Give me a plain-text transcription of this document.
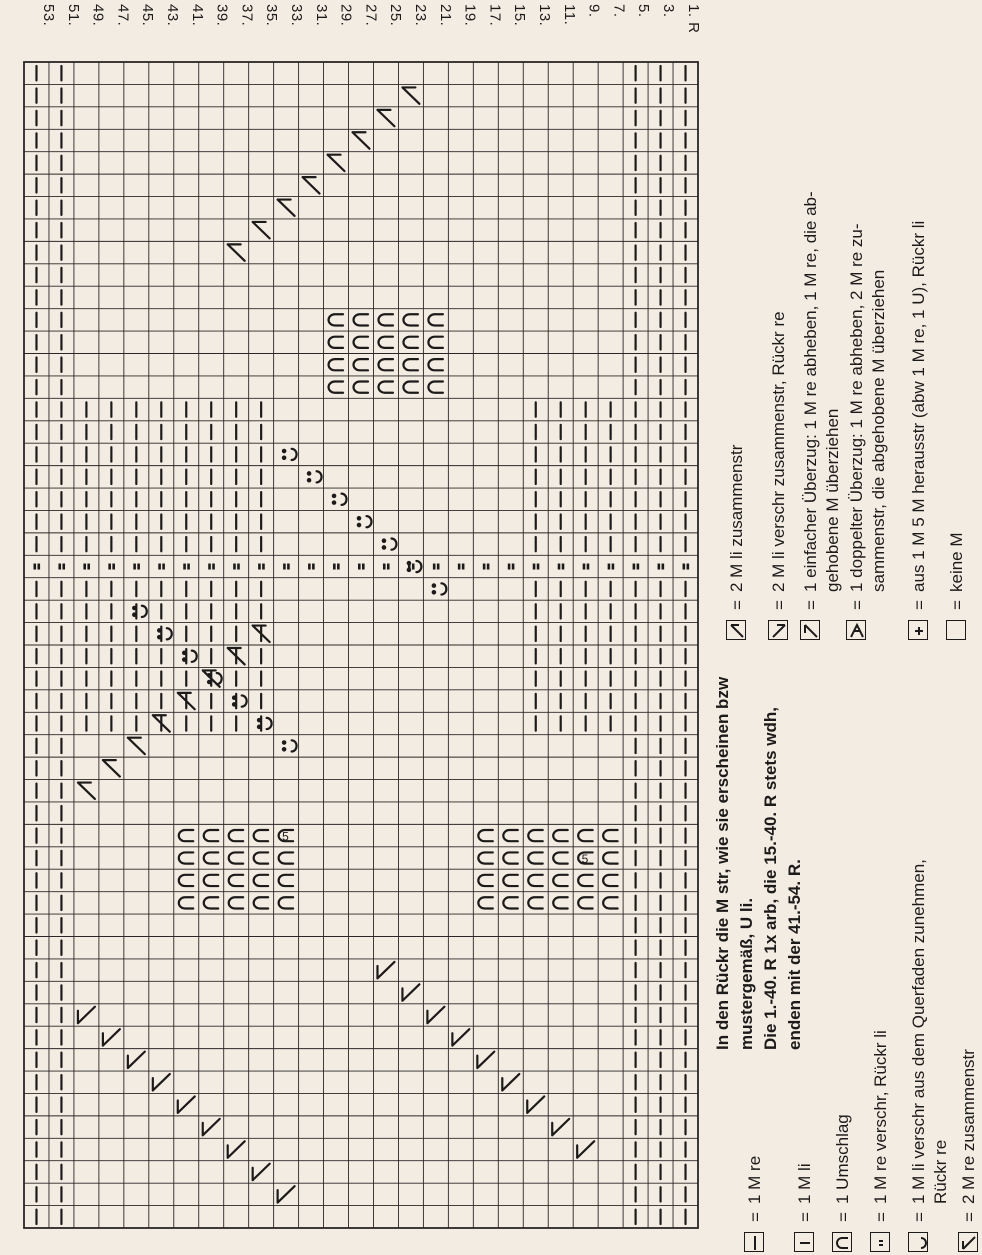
5
5
53. 51. 49. 47. 45. 43. 41. 39. 37. 35. 33. 31. 29. 27. 25. 23. 21. 19. 17. 15. 13. 11. 9. 7. 5. 3. 1. R
In den Rückr die M str, wie sie erscheinen bzw mustergemäß, U li. Die 1.-40. R 1x arb, die 15.-40. R stets wdh, enden mit der 41.-54. R.
=
1 M re
=
1 M li
=
1 Umschlag
=
1 M re verschr, Rückr li
=
1 M li verschr aus dem Querfaden zunehmen, Rückr re
=
2 M re zusammenstr
=
2 M li zusammenstr
=
2 M li verschr zusammenstr, Rückr re
=
1 einfacher Überzug: 1 M re abheben, 1 M re, die ab- gehobene M überziehen
=
1 doppelter Überzug: 1 M re abheben, 2 M re zu- sammenstr, die abgehobene M überziehen
=
aus 1 M 5 M herausstr (abw 1 M re, 1 U), Rückr li
=
keine M
